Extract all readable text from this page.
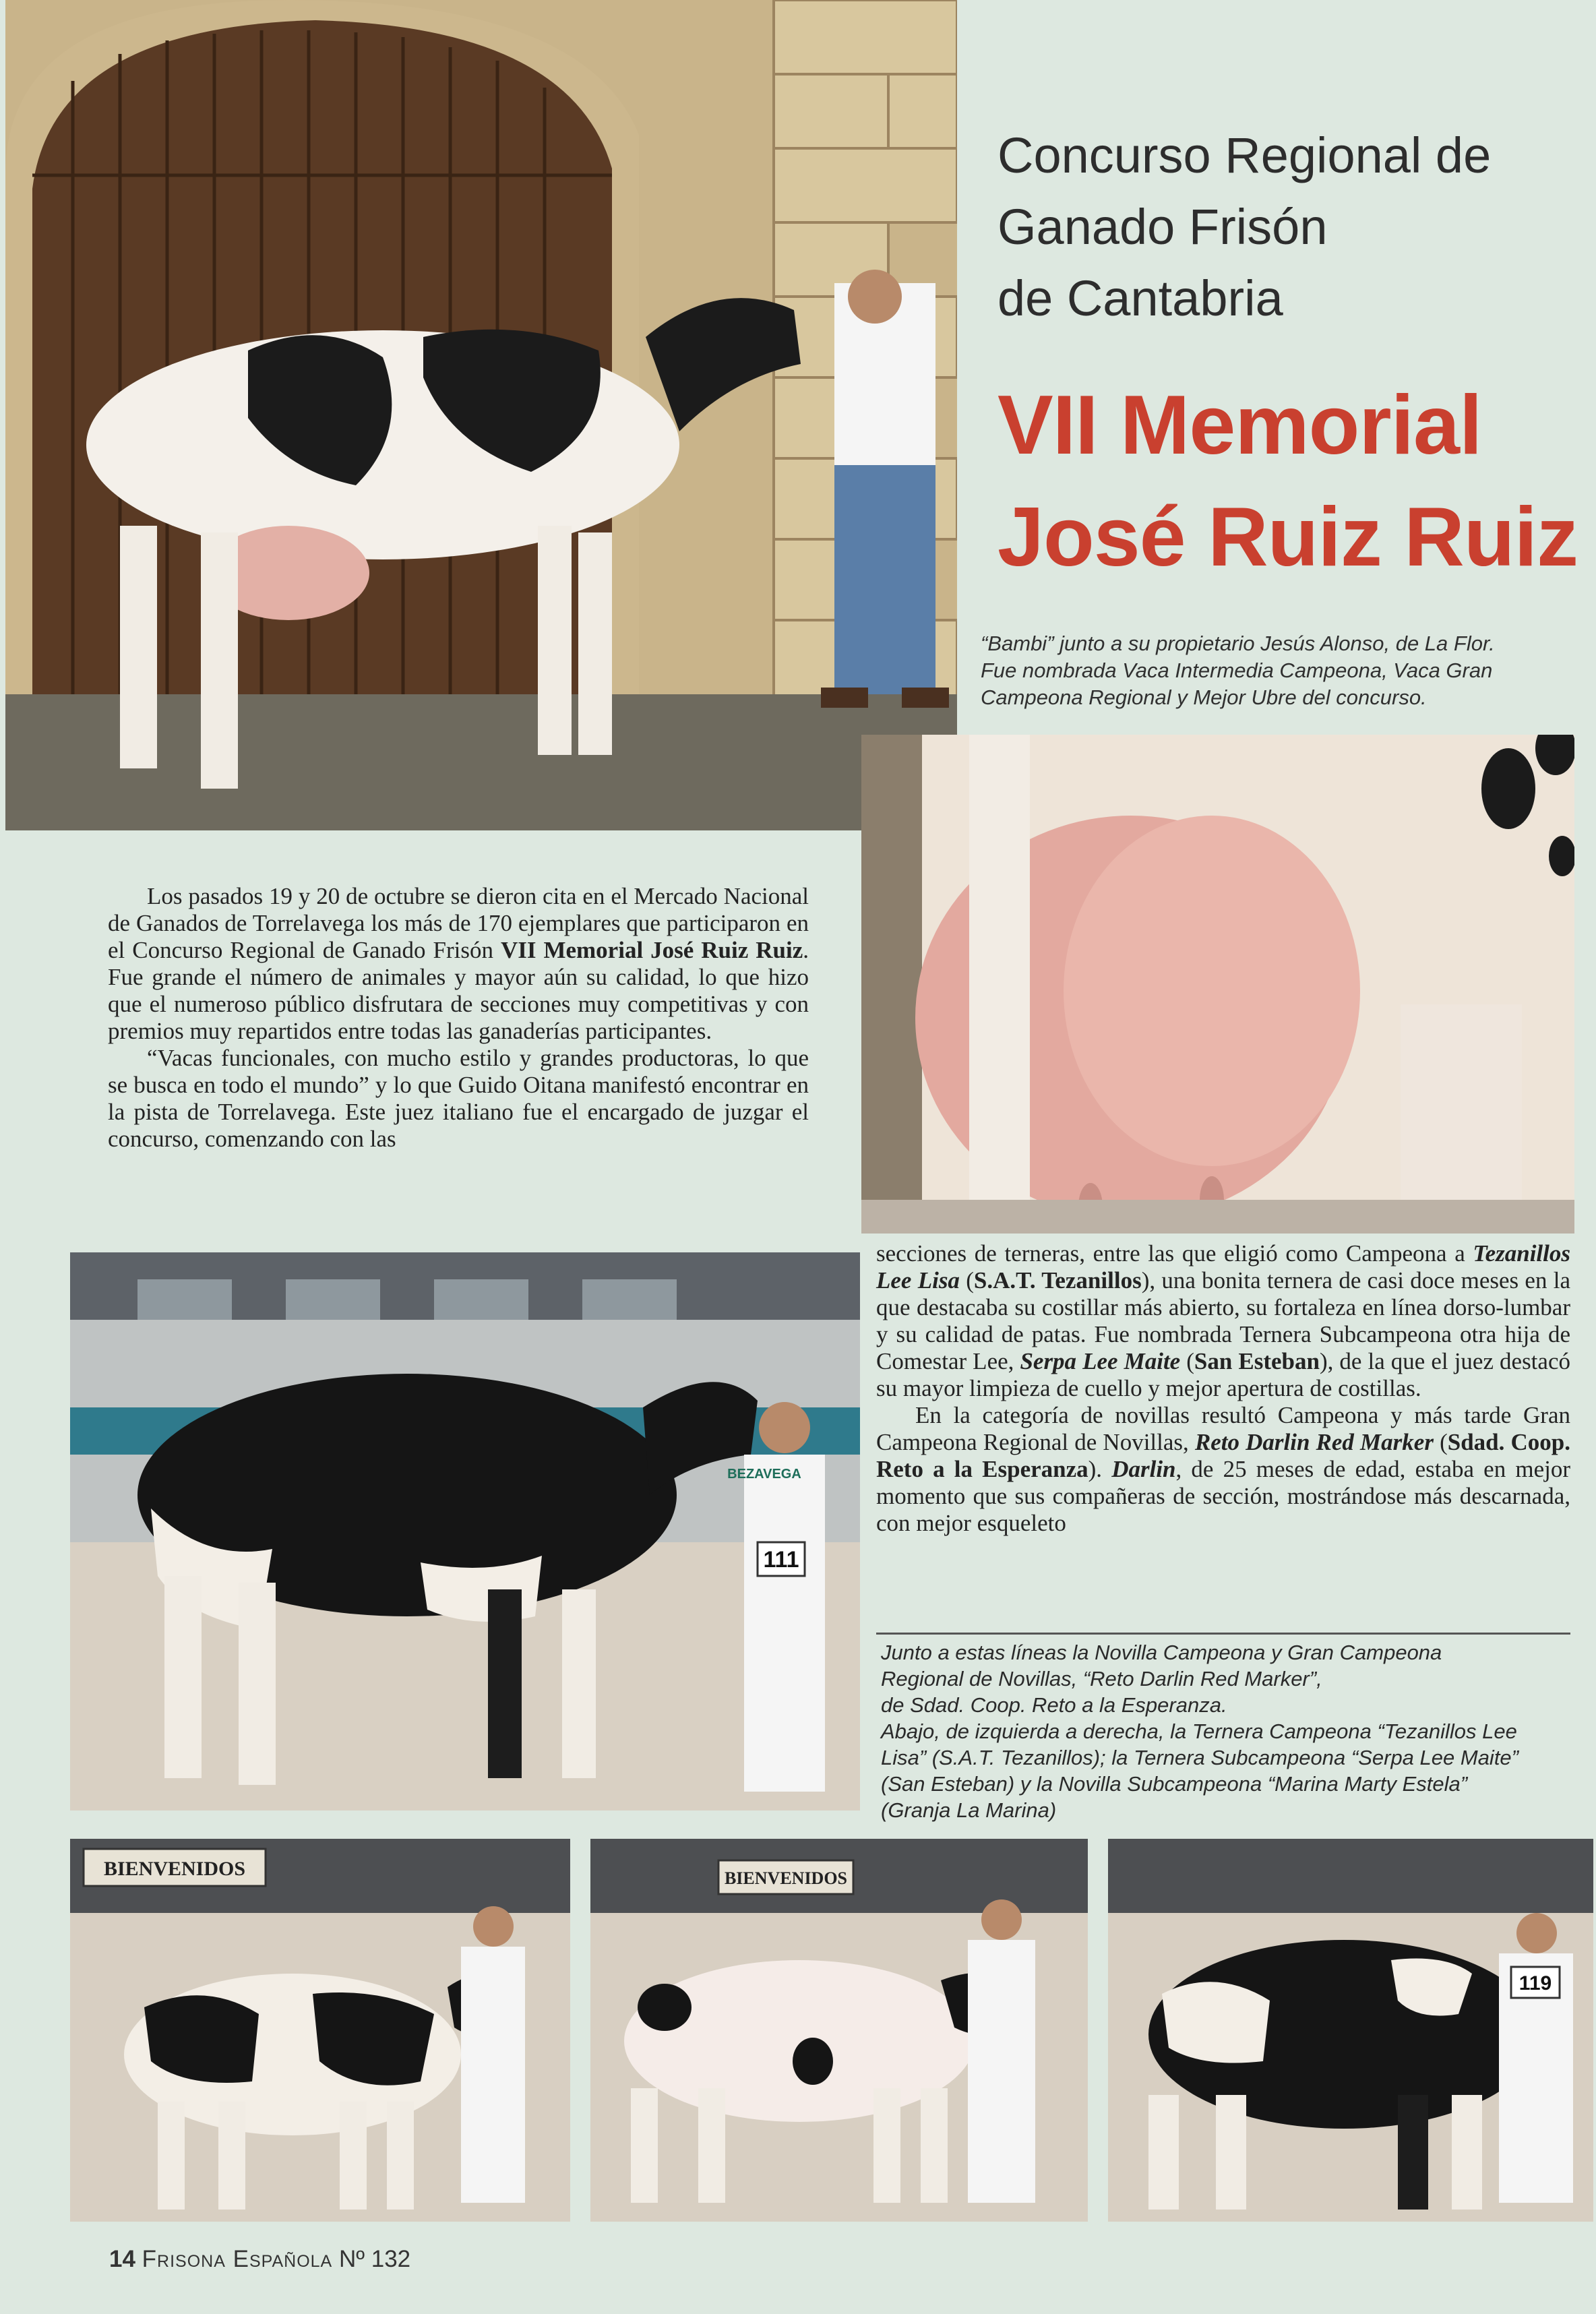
111
BEZAVEGA
BIENVENIDOS	BIENVENIDOS
119
Concurso Regional de
Ganado Frisón
de Cantabria
VII Memorial
José Ruiz Ruiz
“Bambi” junto a su propietario Jesús Alonso, de La Flor.
Fue nombrada Vaca Intermedia Campeona, Vaca Gran
Campeona Regional y Mejor Ubre del concurso.

Los pasados 19 y 20 de octubre se dieron cita en el Mercado Nacional de Ganados de Torrelavega los más de 170 ejemplares que participaron en el Concurso Regional de Ganado Frisón VII Memorial José Ruiz Ruiz. Fue grande el número de animales y mayor aún su calidad, lo que hizo que el numeroso público disfrutara de secciones muy competitivas y con premios muy repartidos entre todas las ganaderías participantes.

“Vacas funcionales, con mucho estilo y grandes productoras, lo que se busca en todo el mundo” y lo que Guido Oitana manifestó encontrar en la pista de Torrelavega. Este juez italiano fue el encargado de juzgar el concurso, comenzando con las

secciones de terneras, entre las que eligió como Campeona a Tezanillos Lee Lisa (S.A.T. Tezanillos), una bonita ternera de casi doce meses en la que destacaba su costillar más abierto, su fortaleza en línea dorso-lumbar y su calidad de patas. Fue nombrada Ternera Subcampeona otra hija de Comestar Lee, Serpa Lee Maite (San Esteban), de la que el juez destacó su mayor limpieza de cuello y mejor apertura de costillas.

En la categoría de novillas resultó Campeona y más tarde Gran Campeona Regional de Novillas, Reto Darlin Red Marker (Sdad. Coop. Reto a la Esperanza). Darlin, de 25 meses de edad, estaba en mejor momento que sus compañeras de sección, mostrándose más descarnada, con mejor esqueleto

Junto a estas líneas la Novilla Campeona y Gran Campeona
Regional de Novillas, “Reto Darlin Red Marker”,
de Sdad. Coop. Reto a la Esperanza.
Abajo, de izquierda a derecha, la Ternera Campeona “Tezanillos Lee
Lisa” (S.A.T. Tezanillos); la Ternera Subcampeona “Serpa Lee Maite”
(San Esteban) y la Novilla Subcampeona “Marina Marty Estela”
(Granja La Marina)
14 Frisona Española Nº 132
